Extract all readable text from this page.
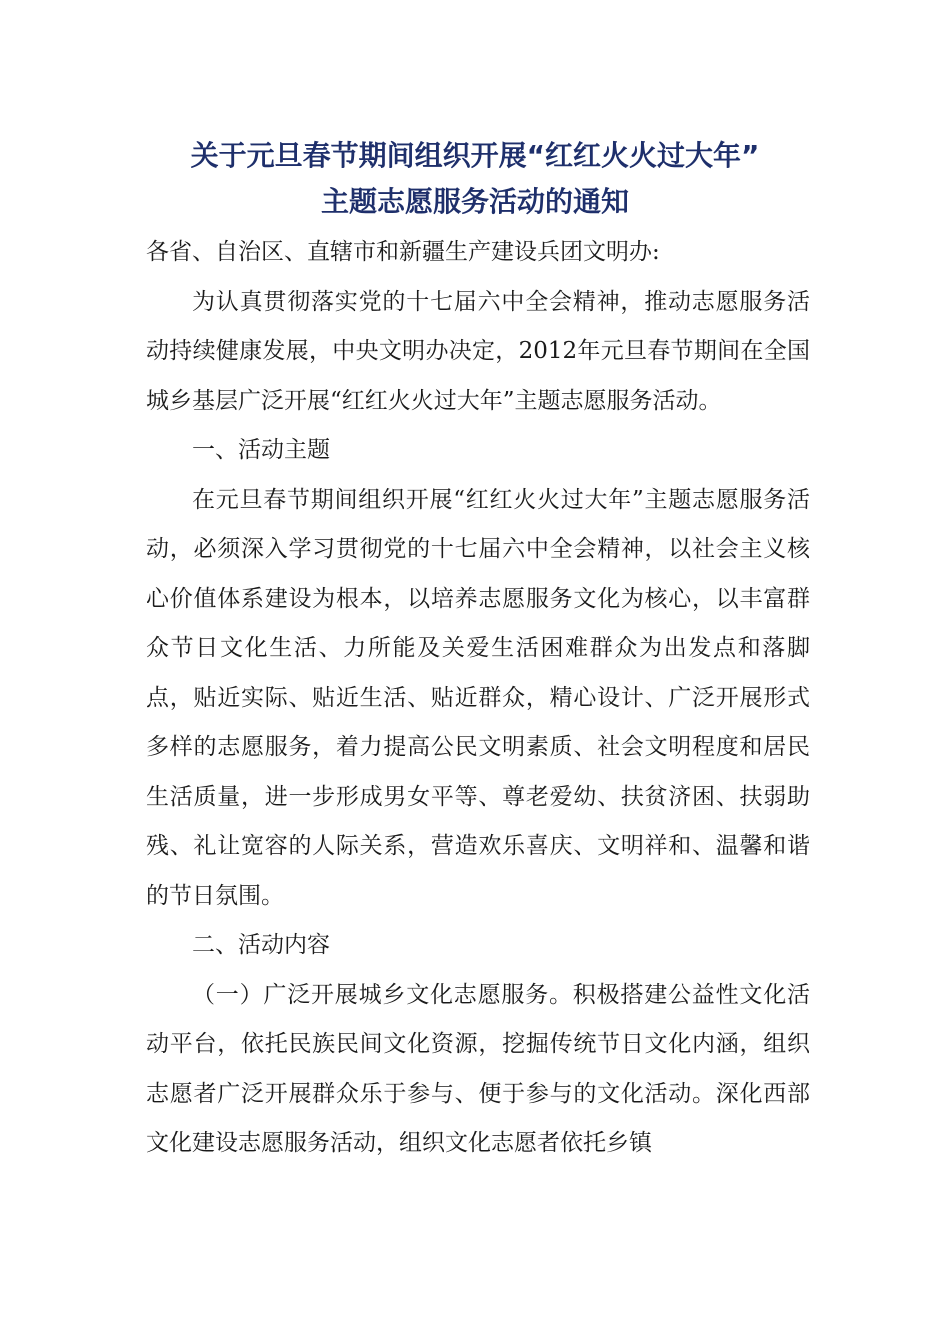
关于元旦春节期间组织开展“红红火火过大年”
主题志愿服务活动的通知

各省、自治区、直辖市和新疆生产建设兵团文明办:

为认真贯彻落实党的十七届六中全会精神，推动志愿服务活动持续健康发展，中央文明办决定，2012年元旦春节期间在全国城乡基层广泛开展“红红火火过大年”主题志愿服务活动。

一、活动主题

在元旦春节期间组织开展“红红火火过大年”主题志愿服务活动，必须深入学习贯彻党的十七届六中全会精神，以社会主义核心价值体系建设为根本，以培养志愿服务文化为核心，以丰富群众节日文化生活、力所能及关爱生活困难群众为出发点和落脚点，贴近实际、贴近生活、贴近群众，精心设计、广泛开展形式多样的志愿服务，着力提高公民文明素质、社会文明程度和居民生活质量，进一步形成男女平等、尊老爱幼、扶贫济困、扶弱助残、礼让宽容的人际关系，营造欢乐喜庆、文明祥和、温馨和谐的节日氛围。

二、活动内容

（一）广泛开展城乡文化志愿服务。积极搭建公益性文化活动平台，依托民族民间文化资源，挖掘传统节日文化内涵，组织志愿者广泛开展群众乐于参与、便于参与的文化活动。深化西部文化建设志愿服务活动，组织文化志愿者依托乡镇
